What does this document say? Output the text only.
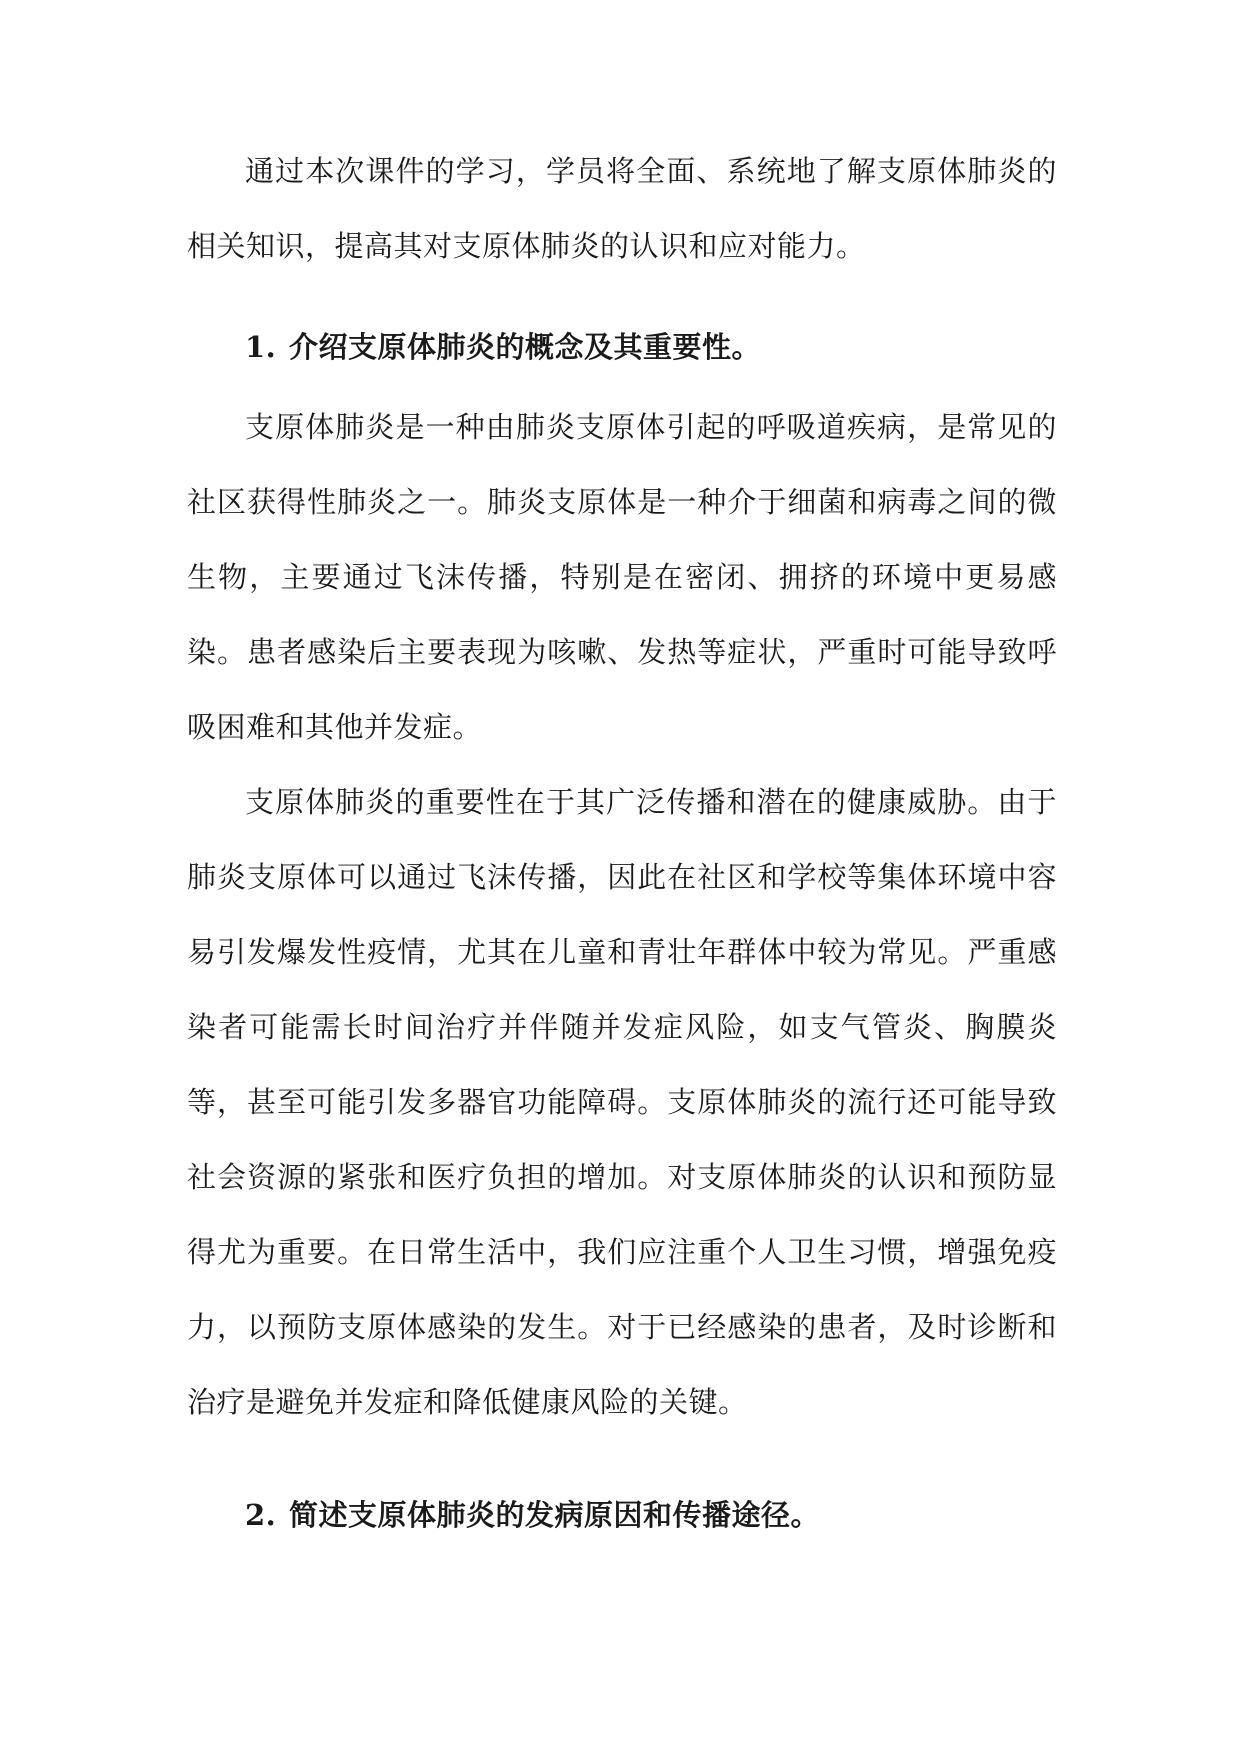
通过本次课件的学习，学员将全面、系统地了解支原体肺炎的相关知识，提高其对支原体肺炎的认识和应对能力。

1. 介绍支原体肺炎的概念及其重要性。

支原体肺炎是一种由肺炎支原体引起的呼吸道疾病，是常见的社区获得性肺炎之一。肺炎支原体是一种介于细菌和病毒之间的微生物，主要通过飞沫传播，特别是在密闭、拥挤的环境中更易感染。患者感染后主要表现为咳嗽、发热等症状，严重时可能导致呼吸困难和其他并发症。

支原体肺炎的重要性在于其广泛传播和潜在的健康威胁。由于肺炎支原体可以通过飞沫传播，因此在社区和学校等集体环境中容易引发爆发性疫情，尤其在儿童和青壮年群体中较为常见。严重感染者可能需长时间治疗并伴随并发症风险，如支气管炎、胸膜炎等，甚至可能引发多器官功能障碍。支原体肺炎的流行还可能导致社会资源的紧张和医疗负担的增加。对支原体肺炎的认识和预防显得尤为重要。在日常生活中，我们应注重个人卫生习惯，增强免疫力，以预防支原体感染的发生。对于已经感染的患者，及时诊断和治疗是避免并发症和降低健康风险的关键。

2. 简述支原体肺炎的发病原因和传播途径。
